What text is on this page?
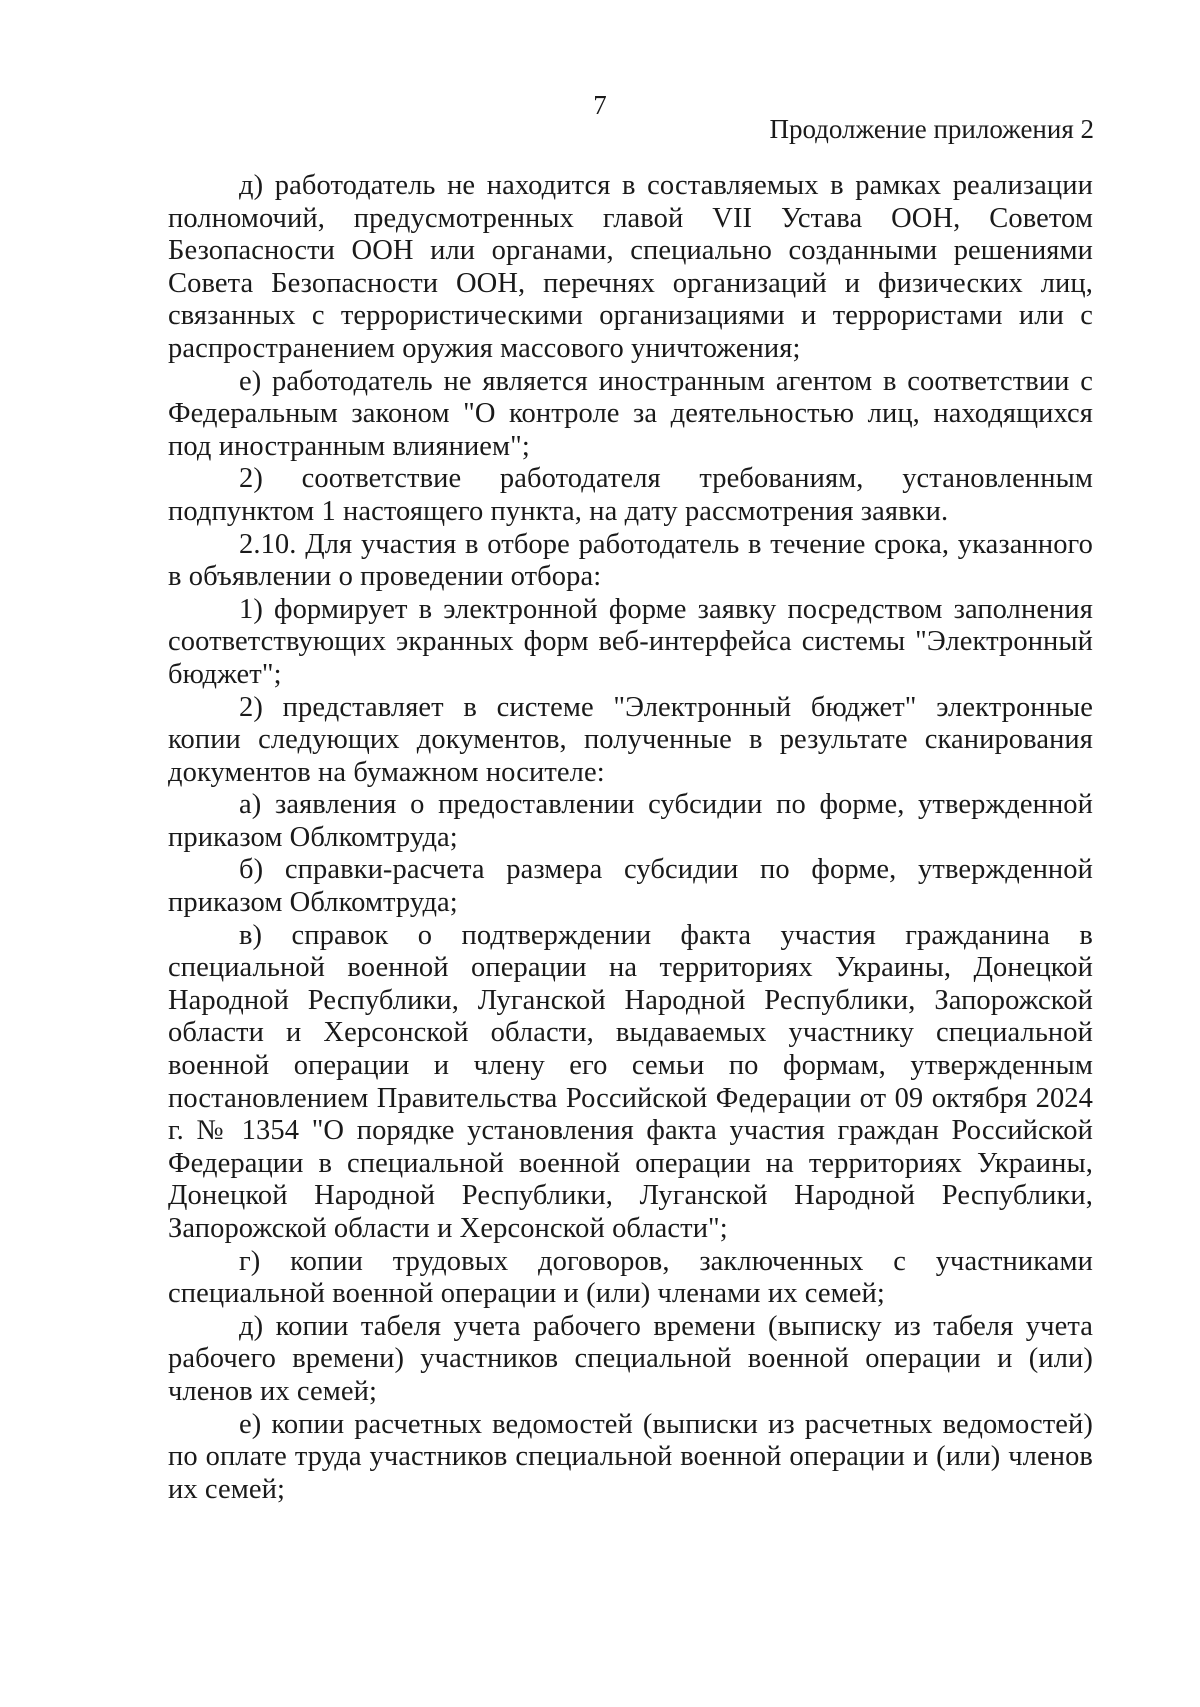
7
Продолжение приложения 2

д) работодатель не находится в составляемых в рамках реализации полномочий, предусмотренных главой VII Устава ООН, Советом Безопасности ООН или органами, специально созданными решениями Совета Безопасности ООН, перечнях организаций и физических лиц, связанных с террористическими организациями и террористами или с распространением оружия массового уничтожения;

е) работодатель не является иностранным агентом в соответствии с Федеральным законом "О контроле за деятельностью лиц, находящихся под иностранным влиянием";

2) соответствие работодателя требованиям, установленным подпунктом 1 настоящего пункта, на дату рассмотрения заявки.

2.10. Для участия в отборе работодатель в течение срока, указанного в объявлении о проведении отбора:

1) формирует в электронной форме заявку посредством заполнения соответствующих экранных форм веб-интерфейса системы "Электронный бюджет";

2) представляет в системе "Электронный бюджет" электронные копии следующих документов, полученные в результате сканирования документов на бумажном носителе:

а) заявления о предоставлении субсидии по форме, утвержденной приказом Облкомтруда;

б) справки-расчета размера субсидии по форме, утвержденной приказом Облкомтруда;

в) справок о подтверждении факта участия гражданина в специальной военной операции на территориях Украины, Донецкой Народной Республики, Луганской Народной Республики, Запорожской области и Херсонской области, выдаваемых участнику специальной военной операции и члену его семьи по формам, утвержденным постановлением Правительства Российской Федерации от 09 октября 2024 г. № 1354 "О порядке установления факта участия граждан Российской Федерации в специальной военной операции на территориях Украины, Донецкой Народной Республики, Луганской Народной Республики, Запорожской области и Херсонской области";

г) копии трудовых договоров, заключенных с участниками специальной военной операции и (или) членами их семей;

д) копии табеля учета рабочего времени (выписку из табеля учета рабочего времени) участников специальной военной операции и (или) членов их семей;

е) копии расчетных ведомостей (выписки из расчетных ведомостей) по оплате труда участников специальной военной операции и (или) членов их семей;
